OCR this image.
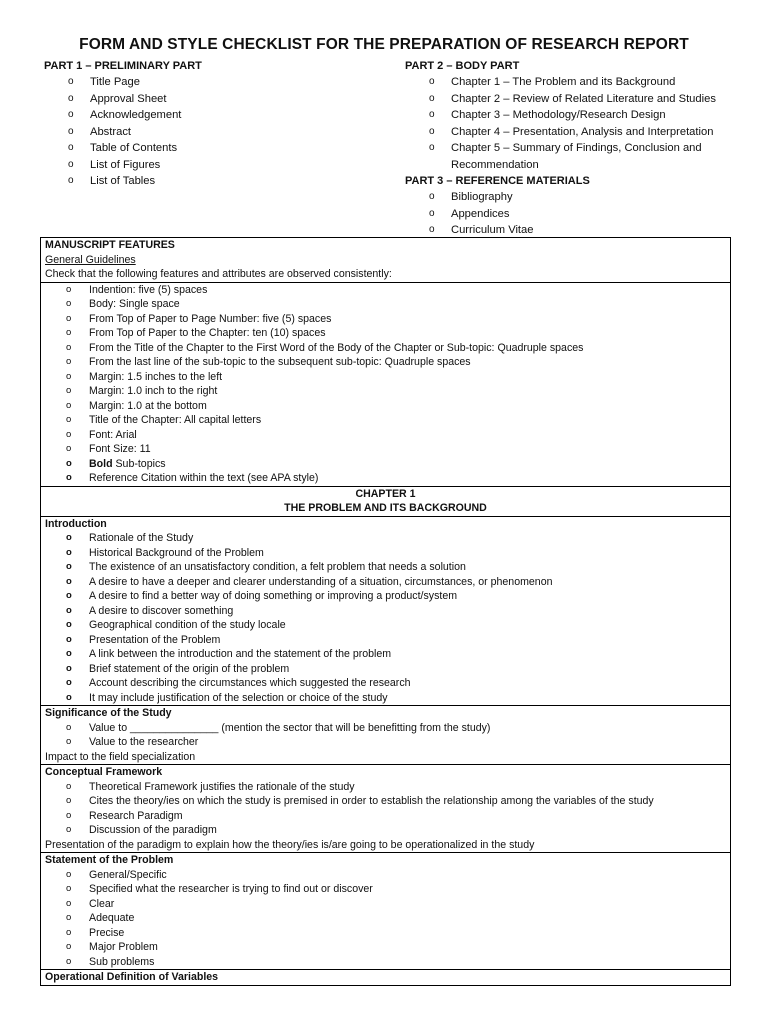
FORM AND STYLE CHECKLIST FOR THE PREPARATION OF RESEARCH REPORT
PART 1 – PRELIMINARY PART
o Title Page
o Approval Sheet
o Acknowledgement
o Abstract
o Table of Contents
o List of Figures
o List of Tables
PART 2 – BODY PART
o Chapter 1 – The Problem and its Background
o Chapter 2 – Review of Related Literature and Studies
o Chapter 3 – Methodology/Research Design
o Chapter 4 – Presentation, Analysis and Interpretation
o Chapter 5 – Summary of Findings, Conclusion and Recommendation
PART 3 – REFERENCE MATERIALS
o Bibliography
o Appendices
o Curriculum Vitae
MANUSCRIPT FEATURES
General Guidelines
Check that the following features and attributes are observed consistently:
o Indention: five (5) spaces
o Body: Single space
o From Top of Paper to Page Number: five (5) spaces
o From Top of Paper to the Chapter: ten (10) spaces
o From the Title of the Chapter to the First Word of the Body of the Chapter or Sub-topic: Quadruple spaces
o From the last line of the sub-topic to the subsequent sub-topic: Quadruple spaces
o Margin: 1.5 inches to the left
o Margin: 1.0 inch to the right
o Margin: 1.0 at the bottom
o Title of the Chapter: All capital letters
o Font: Arial
o Font Size: 11
o Bold Sub-topics
o Reference Citation within the text (see APA style)
CHAPTER 1
THE PROBLEM AND ITS BACKGROUND
Introduction
o Rationale of the Study
o Historical Background of the Problem
o The existence of an unsatisfactory condition, a felt problem that needs a solution
o A desire to have a deeper and clearer understanding of a situation, circumstances, or phenomenon
o A desire to find a better way of doing something or improving a product/system
o A desire to discover something
o Geographical condition of the study locale
o Presentation of the Problem
o A link between the introduction and the statement of the problem
o Brief statement of the origin of the problem
o Account describing the circumstances which suggested the research
o It may include justification of the selection or choice of the study
Significance of the Study
o Value to _______________ (mention the sector that will be benefitting from the study)
o Value to the researcher
Impact to the field specialization
Conceptual Framework
o Theoretical Framework justifies the rationale of the study
o Cites the theory/ies on which the study is premised in order to establish the relationship among the variables of the study
o Research Paradigm
o Discussion of the paradigm
Presentation of the paradigm to explain how the theory/ies is/are going to be operationalized in the study
Statement of the Problem
o General/Specific
o Specified what the researcher is trying to find out or discover
o Clear
o Adequate
o Precise
o Major Problem
o Sub problems
Operational Definition of Variables
